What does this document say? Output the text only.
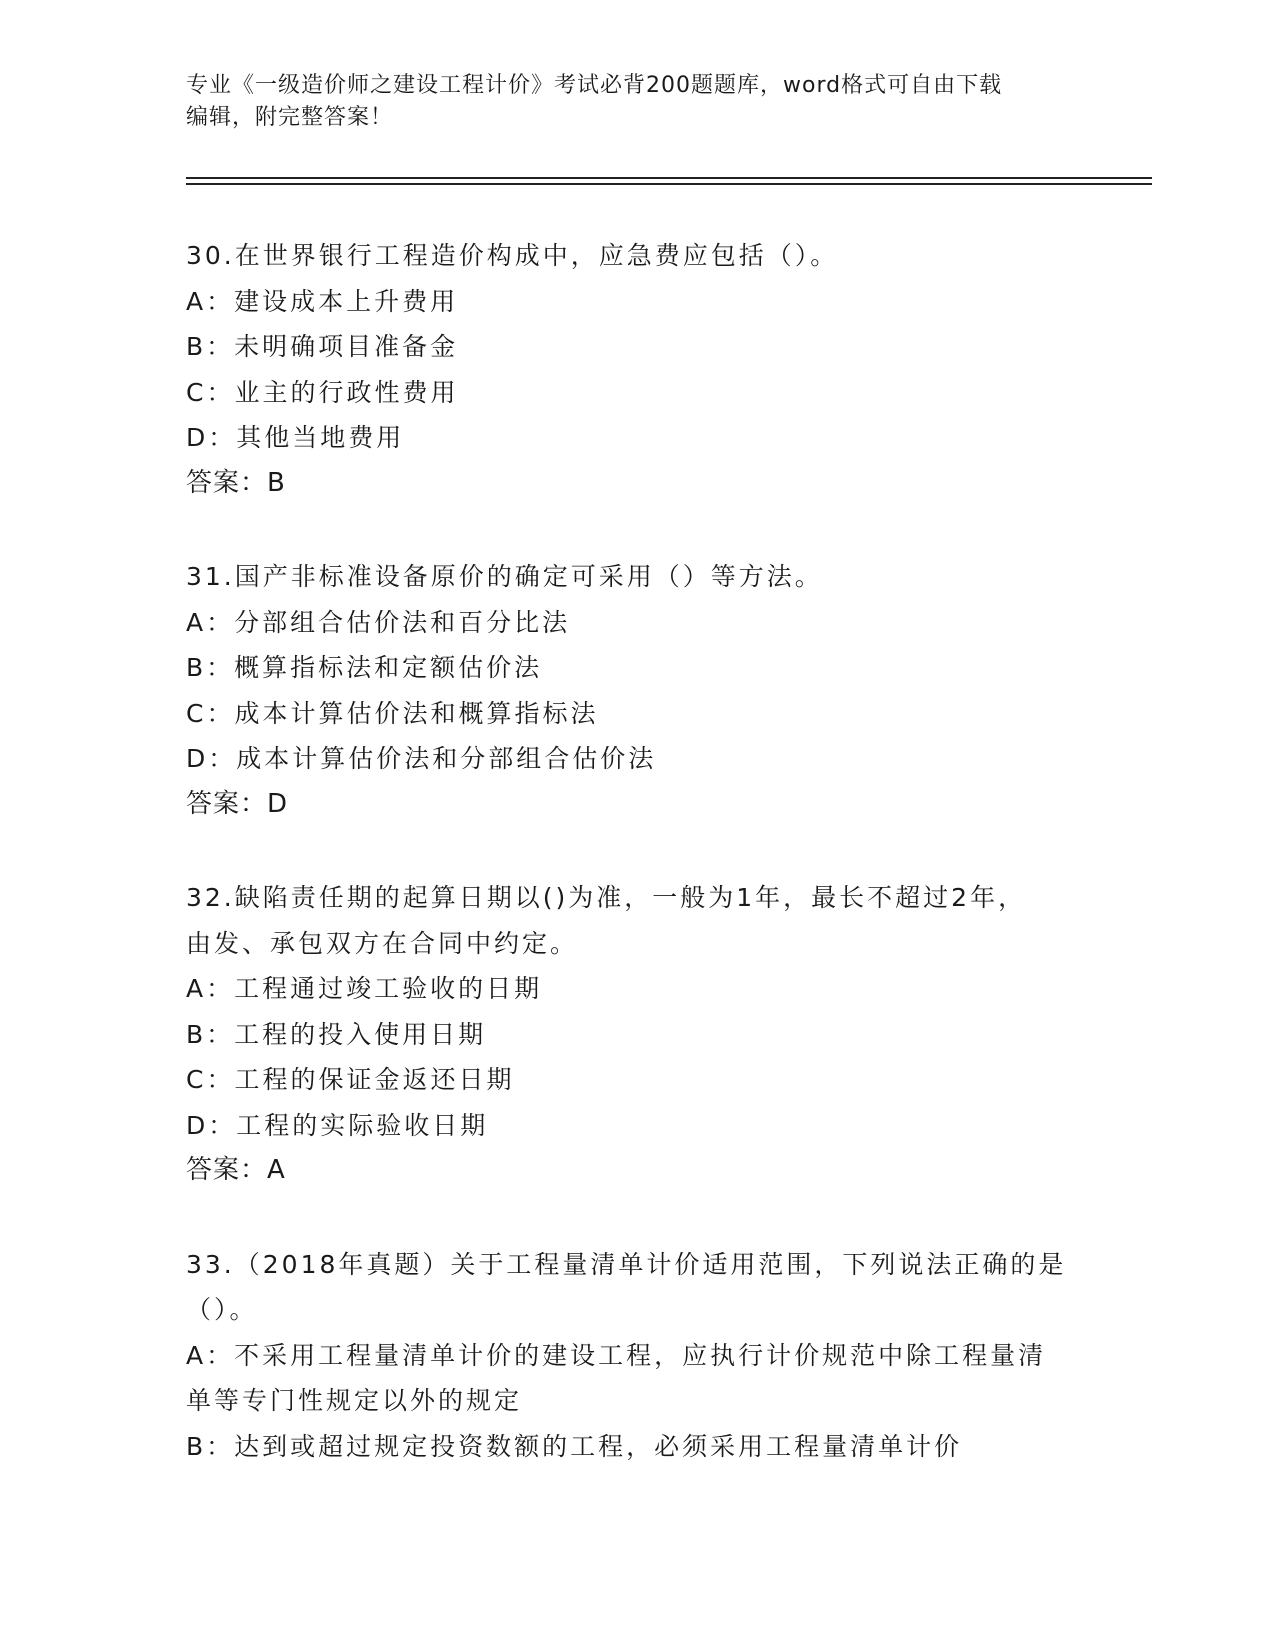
专业《一级造价师之建设工程计价》考试必背200题题库，word格式可自由下载
编辑，附完整答案！
30.在世界银行工程造价构成中，应急费应包括（）。
A：建设成本上升费用
B：未明确项目准备金
C：业主的行政性费用
D：其他当地费用
答案：B
31.国产非标准设备原价的确定可采用（）等方法。
A：分部组合估价法和百分比法
B：概算指标法和定额估价法
C：成本计算估价法和概算指标法
D：成本计算估价法和分部组合估价法
答案：D
32.缺陷责任期的起算日期以()为准，一般为1年，最长不超过2年，
由发、承包双方在合同中约定。
A：工程通过竣工验收的日期
B：工程的投入使用日期
C：工程的保证金返还日期
D：工程的实际验收日期
答案：A
33.（2018年真题）关于工程量清单计价适用范围，下列说法正确的是
（）。
A：不采用工程量清单计价的建设工程，应执行计价规范中除工程量清
单等专门性规定以外的规定
B：达到或超过规定投资数额的工程，必须采用工程量清单计价
